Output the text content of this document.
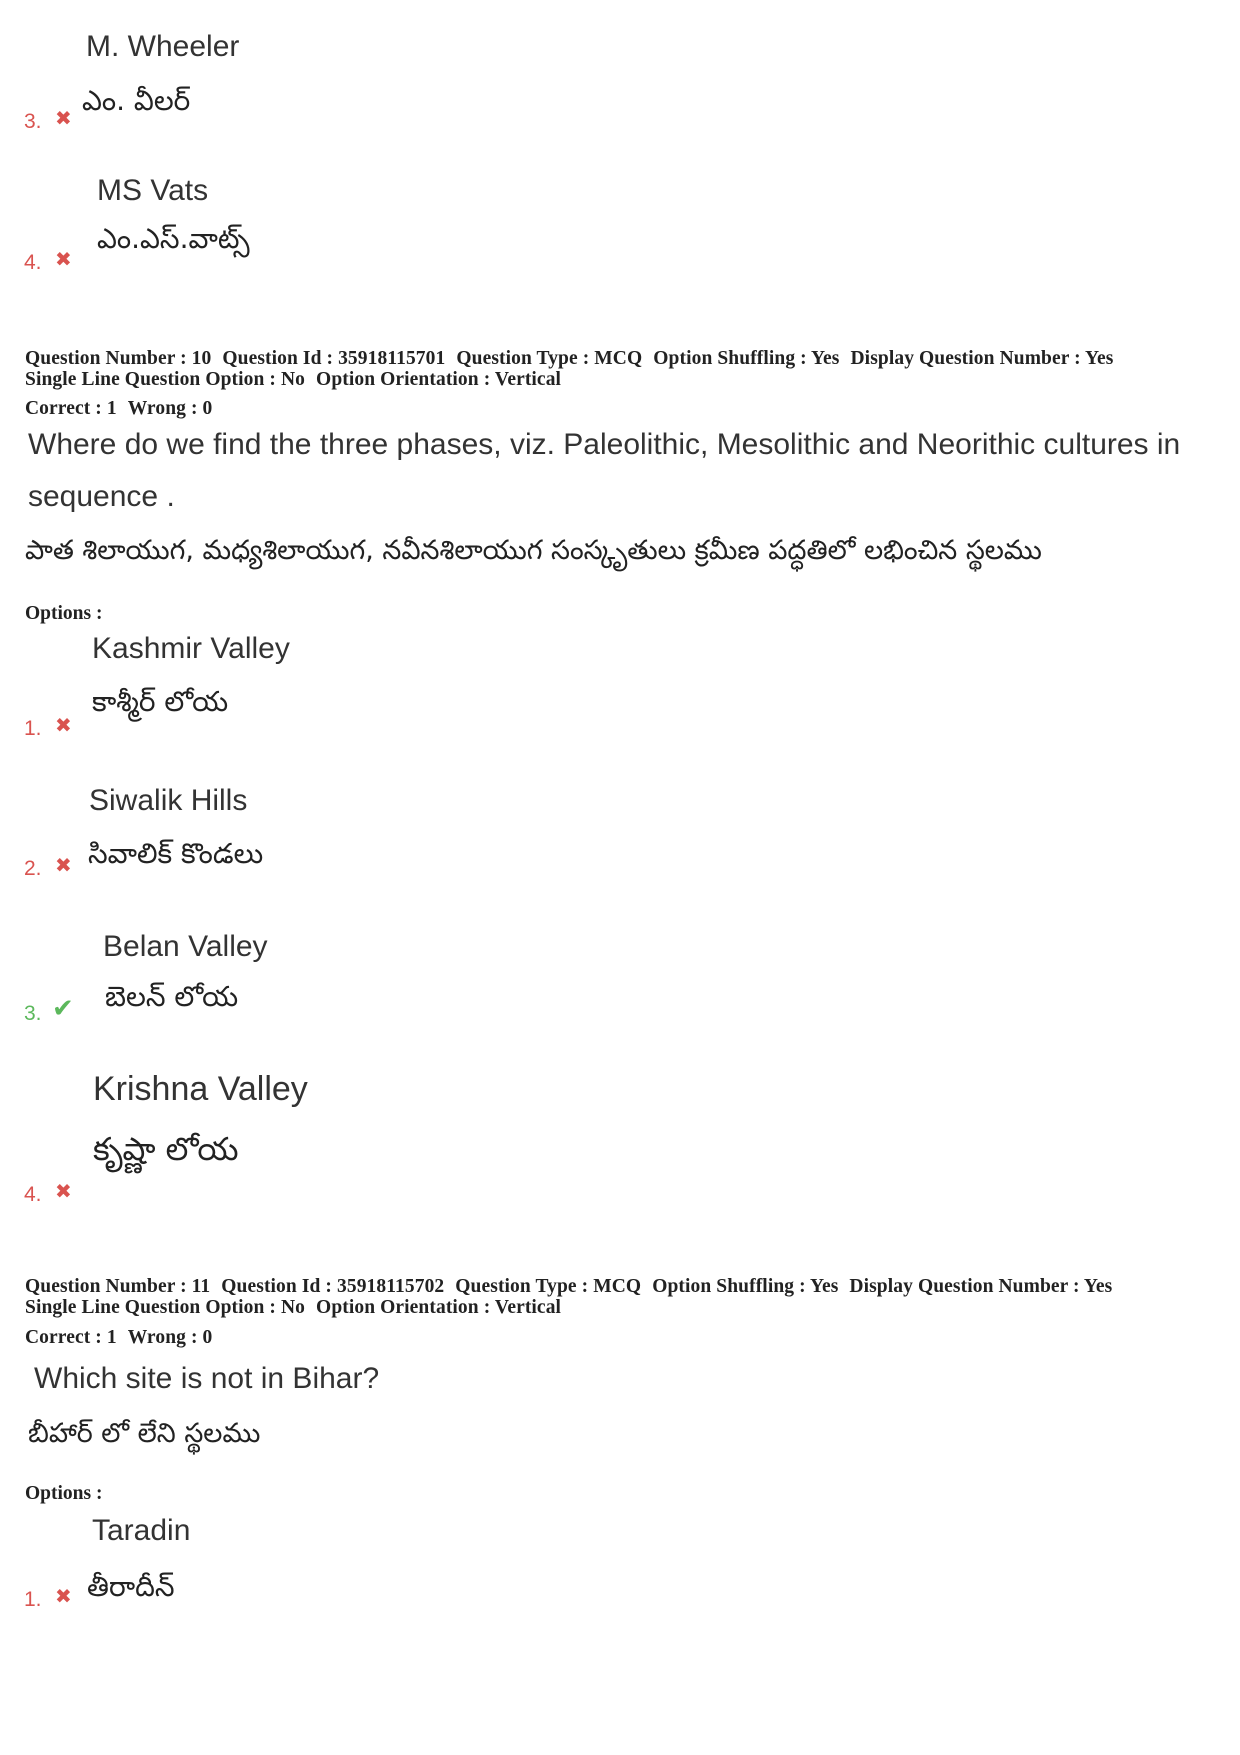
M. Wheeler
ఎం. వీలర్
3. ✖
MS Vats
ఎం.ఎస్.వాట్స్
4. ✖
Question Number : 10 Question Id : 35918115701 Question Type : MCQ Option Shuffling : Yes Display Question Number : Yes
Single Line Question Option : No Option Orientation : Vertical
Correct : 1 Wrong : 0
Where do we find the three phases, viz. Paleolithic, Mesolithic and Neorithic cultures in
sequence .
పాత శిలాయుగ, మధ్యశిలాయుగ, నవీనశిలాయుగ సంస్కృతులు క్రమీణ పద్ధతిలో లభించిన స్థలము
Options :
Kashmir Valley
కాశ్మీర్ లోయ
1. ✖
Siwalik Hills
సివాలిక్ కొండలు
2. ✖
Belan Valley
బెలన్ లోయ
3. ✔
Krishna Valley
కృష్ణా లోయ
4. ✖
Question Number : 11 Question Id : 35918115702 Question Type : MCQ Option Shuffling : Yes Display Question Number : Yes
Single Line Question Option : No Option Orientation : Vertical
Correct : 1 Wrong : 0
Which site is not in Bihar?
బీహార్ లో లేని స్థలము
Options :
Taradin
తీరాదీన్
1. ✖
